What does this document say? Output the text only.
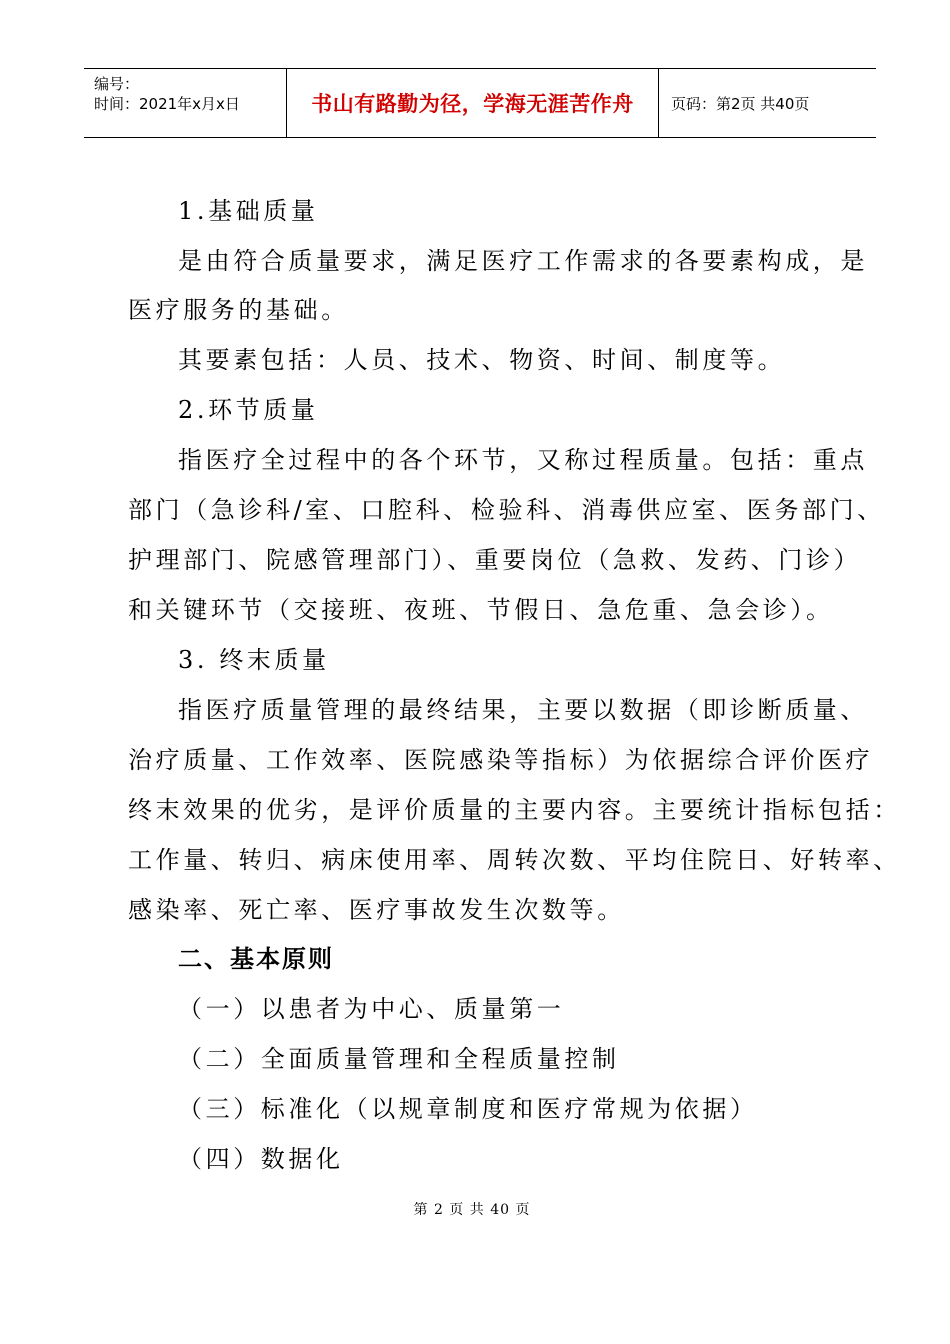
编号：
时间：2021年x月x日	书山有路勤为径，学海无涯苦作舟 页码：第2页 共40页
1.基础质量
是由符合质量要求，满足医疗工作需求的各要素构成，是
医疗服务的基础。
其要素包括：人员、技术、物资、时间、制度等。
2.环节质量
指医疗全过程中的各个环节，又称过程质量。包括：重点
部门（急诊科/室、口腔科、检验科、消毒供应室、医务部门、
护理部门、院感管理部门）、重要岗位（急救、发药、门诊）
和关键环节（交接班、夜班、节假日、急危重、急会诊）。
3. 终末质量
指医疗质量管理的最终结果，主要以数据（即诊断质量、
治疗质量、工作效率、医院感染等指标）为依据综合评价医疗
终末效果的优劣，是评价质量的主要内容。主要统计指标包括：
工作量、转归、病床使用率、周转次数、平均住院日、好转率、
感染率、死亡率、医疗事故发生次数等。
二、基本原则
（一）以患者为中心、质量第一
（二）全面质量管理和全程质量控制
（三）标准化（以规章制度和医疗常规为依据）
（四）数据化
第 2 页 共 40 页
